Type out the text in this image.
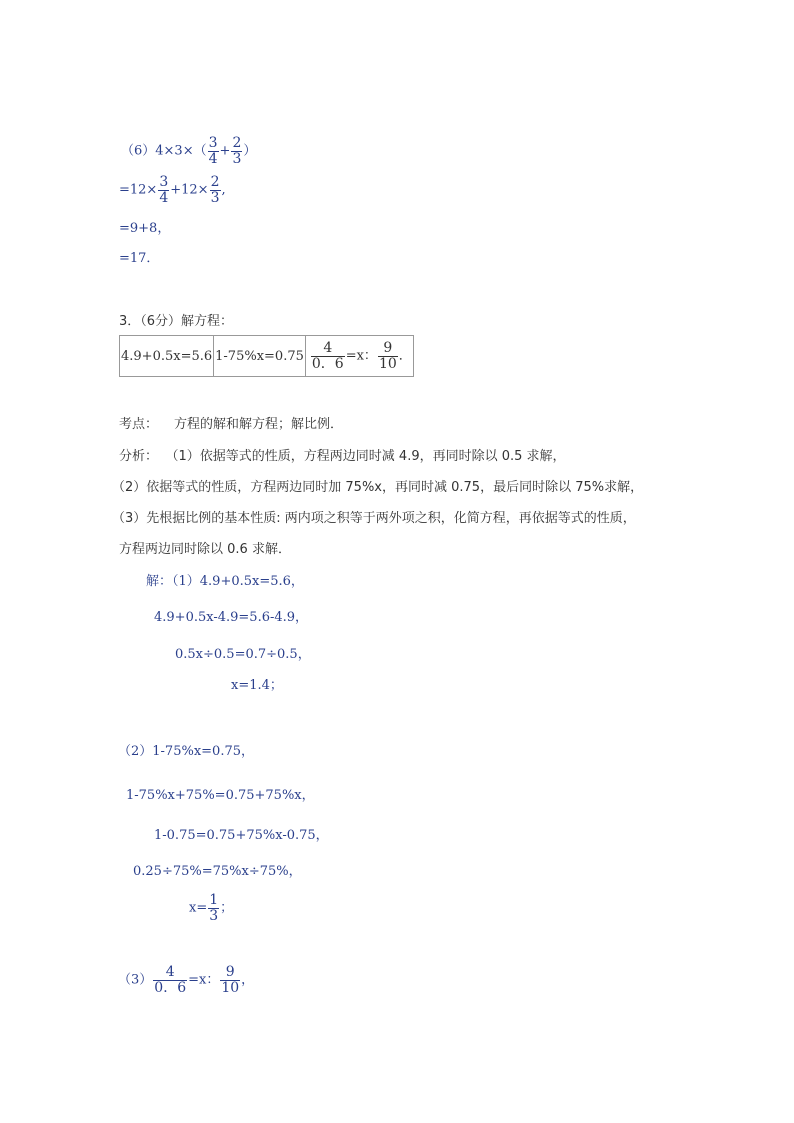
$(6)4\times 3\times( \frac{3}{4} + \frac{2}{3}$ ）
$=12\times \frac{3}{4} +12\times \frac{2}{3}$ ,
=9+8，
=17．
3．（6分）解方程：
4.9+0.5x=5.6	1-75%x=0.75	$\frac{4}{0.6} =x$： $\frac{9}{10}$ ．
考点： 方程的解和解方程；解比例．
分析： （1）依据等式的性质，方程两边同时减 4.9，再同时除以 0.5 求解，
（2）依据等式的性质，方程两边同时加 75%x，再同时减 0.75，最后同时除以 75%求解，
（3）先根据比例的基本性质: 两内项之积等于两外项之积，化简方程，再依据等式的性质，
方程两边同时除以 0.6 求解．
解：（1）4.9+0.5x=5.6，
4.9+0.5x-4.9=5.6-4.9，
0.5x÷0.5=0.7÷0.5，
x=1.4；
（2）1-75%x=0.75，
1-75%x+75%=0.75+75%x，
1-0.75=0.75+75%x-0.75，
0.25÷75%=75%x÷75%，
$x= \frac{1}{3}$ ；
$(3) \frac{4}{0.6} =x$： $\frac{9}{10}$ ，
